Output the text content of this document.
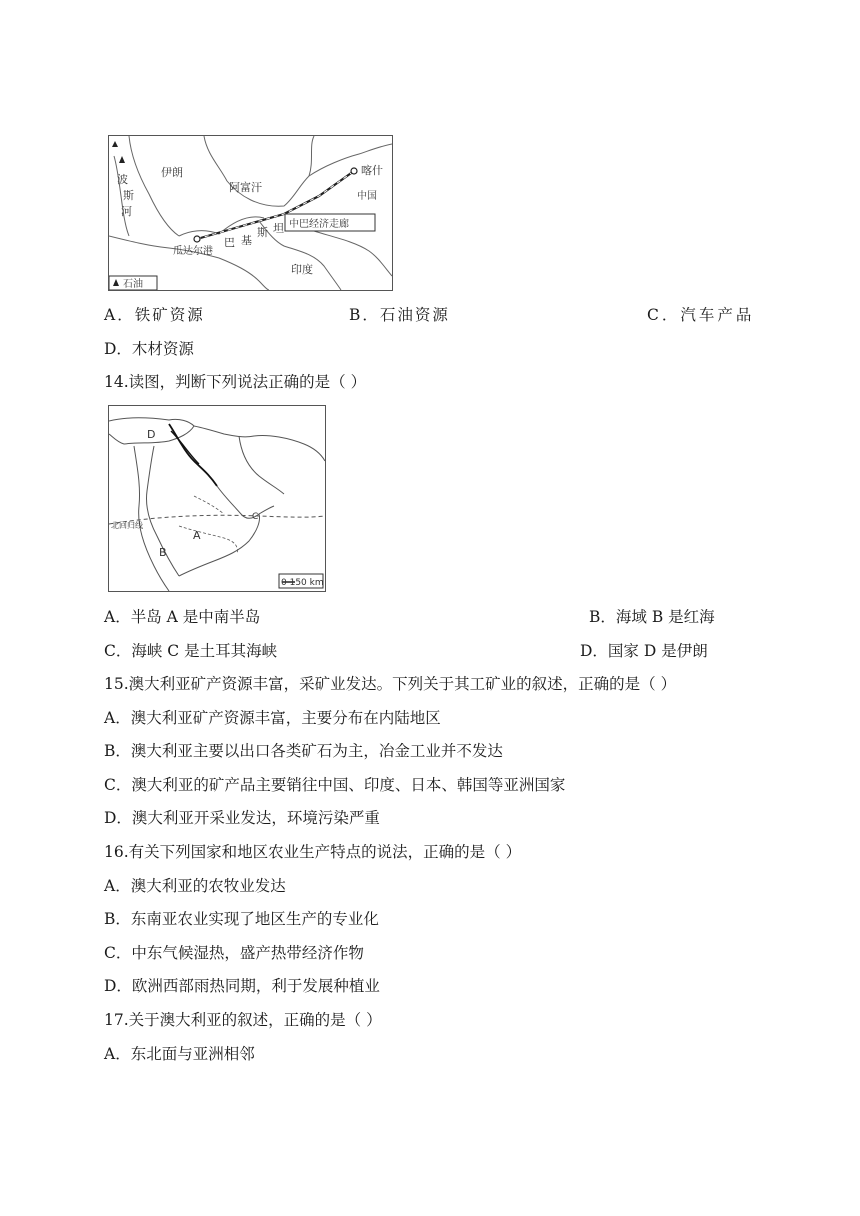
伊朗
阿富汗
喀什
中国
波
斯
河
中巴经济走廊
巴 基
斯 坦
瓜达尔港
印度
石油
A．铁矿资源	B．石油资源	C．汽车产品
D．木材资源
14.读图，判断下列说法正确的是（ ）
D
A
B
C
北回归线
0 150 km
A．半岛 A 是中南半岛	B．海域 B 是红海
C．海峡 C 是土耳其海峡	D．国家 D 是伊朗
15.澳大利亚矿产资源丰富，采矿业发达。下列关于其工矿业的叙述，正确的是（ ）
A．澳大利亚矿产资源丰富，主要分布在内陆地区
B．澳大利亚主要以出口各类矿石为主，冶金工业并不发达
C．澳大利亚的矿产品主要销往中国、印度、日本、韩国等亚洲国家
D．澳大利亚开采业发达，环境污染严重
16.有关下列国家和地区农业生产特点的说法，正确的是（ ）
A．澳大利亚的农牧业发达
B．东南亚农业实现了地区生产的专业化
C．中东气候湿热，盛产热带经济作物
D．欧洲西部雨热同期，利于发展种植业
17.关于澳大利亚的叙述，正确的是（ ）
A．东北面与亚洲相邻
